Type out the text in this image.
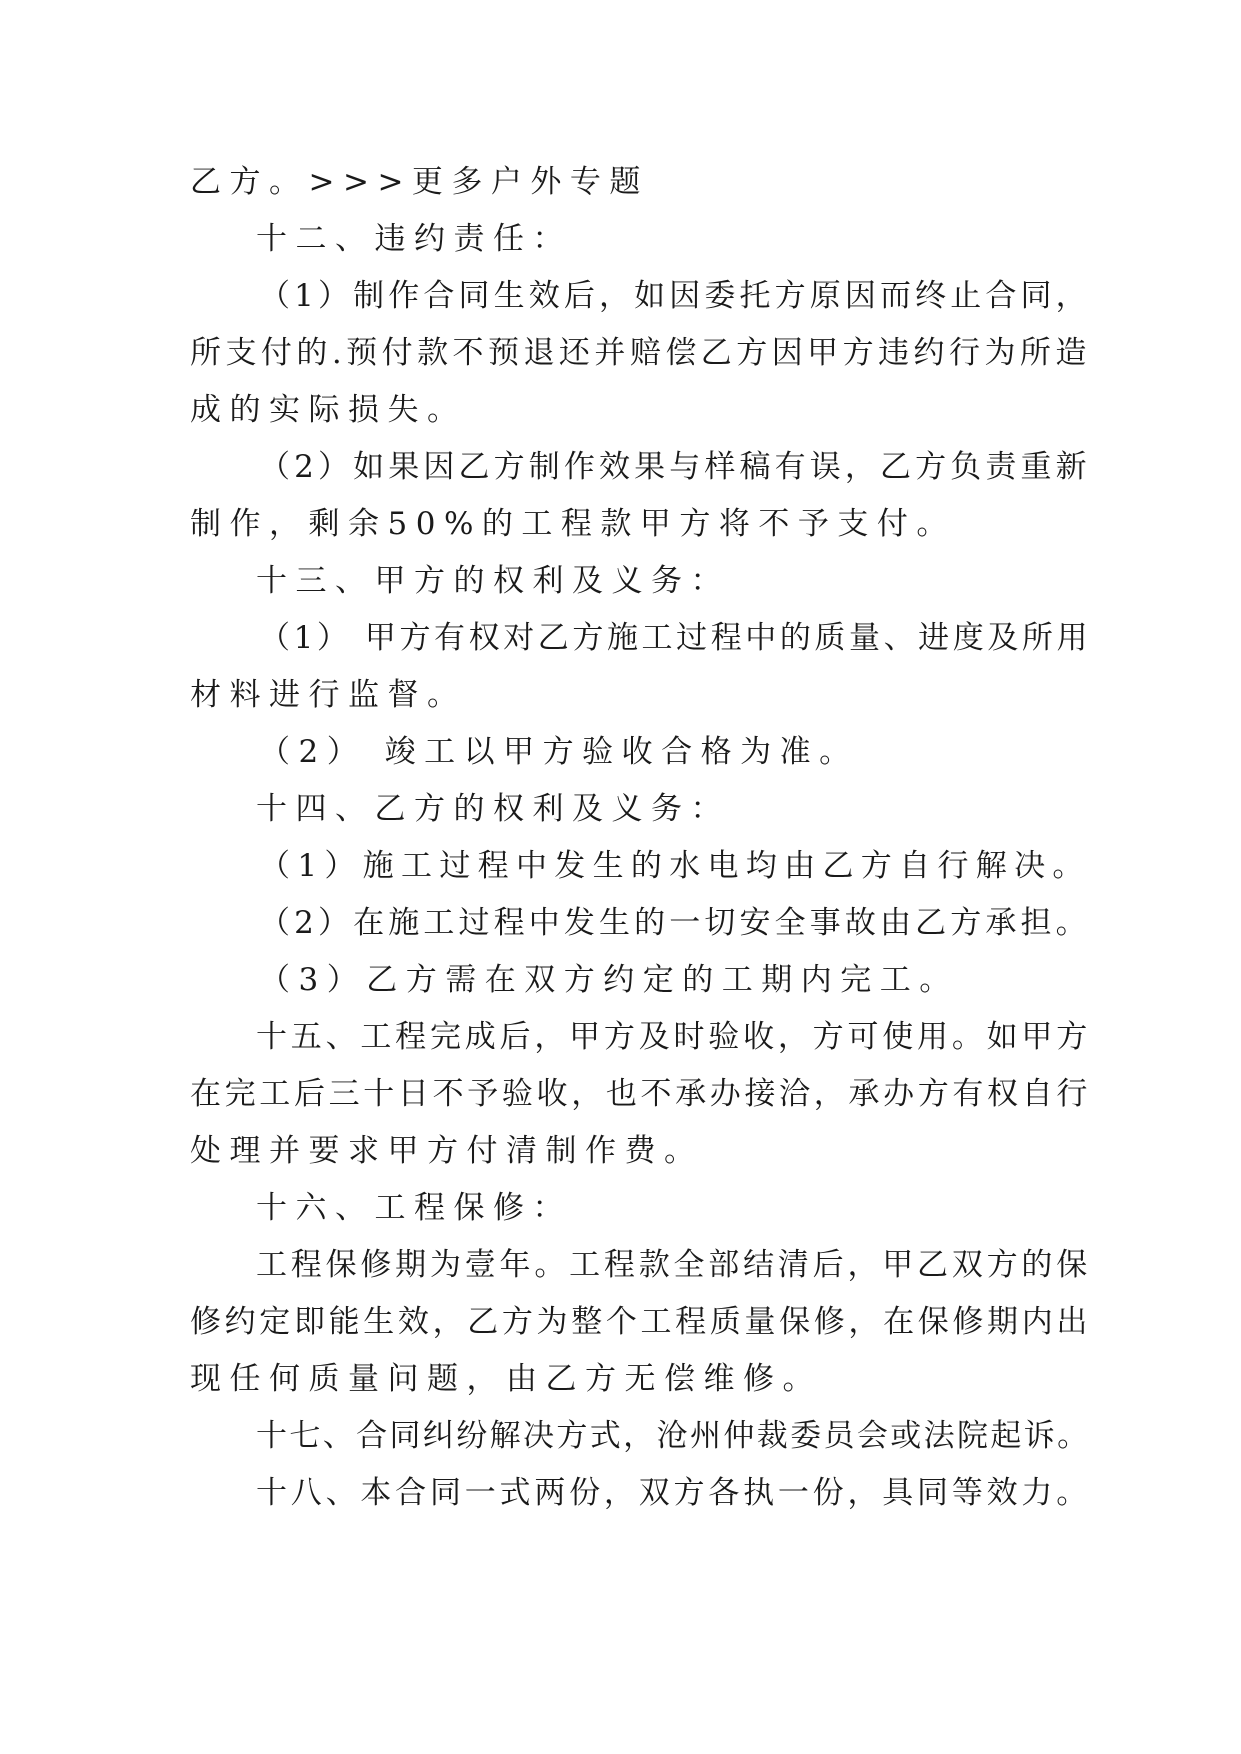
乙方。>>>更多户外专题

十二、违约责任：

（1）制作合同生效后，如因委托方原因而终止合同，

所支付的.预付款不预退还并赔偿乙方因甲方违约行为所造

成的实际损失。

（2）如果因乙方制作效果与样稿有误，乙方负责重新

制作，剩余50%的工程款甲方将不予支付。

十三、甲方的权利及义务：

（1） 甲方有权对乙方施工过程中的质量、进度及所用

材料进行监督。

（2） 竣工以甲方验收合格为准。

十四、乙方的权利及义务：

（1）施工过程中发生的水电均由乙方自行解决。

（2）在施工过程中发生的一切安全事故由乙方承担。

（3）乙方需在双方约定的工期内完工。

十五、工程完成后，甲方及时验收，方可使用。如甲方

在完工后三十日不予验收，也不承办接洽，承办方有权自行

处理并要求甲方付清制作费。

十六、工程保修：

工程保修期为壹年。工程款全部结清后，甲乙双方的保

修约定即能生效，乙方为整个工程质量保修，在保修期内出

现任何质量问题，由乙方无偿维修。

十七、合同纠纷解决方式，沧州仲裁委员会或法院起诉。

十八、本合同一式两份，双方各执一份，具同等效力。
